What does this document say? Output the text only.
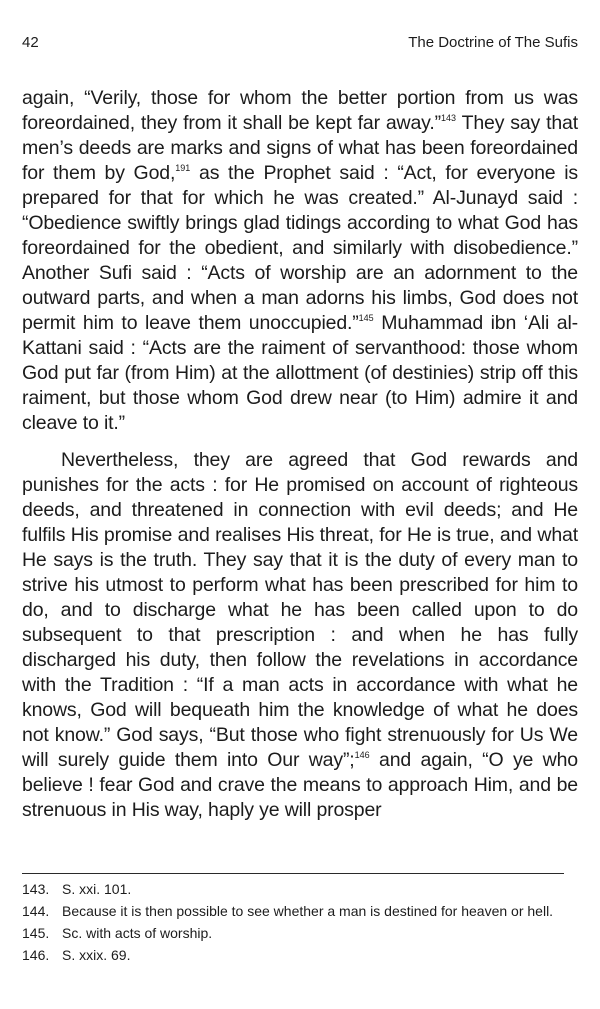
42	The Doctrine of The Sufis

again, “Verily, those for whom the better portion from us was foreordained, they from it shall be kept far away.”$^{143}$ They say that men’s deeds are marks and signs of what has been foreordained for them by God,$^{191}$ as the Prophet said : “Act, for everyone is prepared for that for which he was created.” Al-Junayd said : “Obedience swiftly brings glad tidings according to what God has foreordained for the obedient, and similarly with disobedience.” Another Sufi said : “Acts of worship are an adornment to the outward parts, and when a man adorns his limbs, God does not permit him to leave them unoccupied.”$^{145}$ Muhammad ibn ‘Ali al-Kattani said : “Acts are the raiment of servanthood: those whom God put far (from Him) at the allottment (of destinies) strip off this raiment, but those whom God drew near (to Him) admire it and cleave to it.”

Nevertheless, they are agreed that God rewards and punishes for the acts : for He promised on account of righteous deeds, and threatened in connection with evil deeds; and He fulfils His promise and realises His threat, for He is true, and what He says is the truth. They say that it is the duty of every man to strive his utmost to perform what has been prescribed for him to do, and to discharge what he has been called upon to do subsequent to that prescription : and when he has fully discharged his duty, then follow the revelations in accordance with the Tradition : “If a man acts in accordance with what he knows, God will bequeath him the knowledge of what he does not know.” God says, “But those who fight strenuously for Us We will surely guide them into Our way”;$^{146}$ and again, “O ye who believe ! fear God and crave the means to approach Him, and be strenuous in His way, haply ye will prosper

143. S. xxi. 101.
144. Because it is then possible to see whether a man is destined for heaven or hell.
145. Sc. with acts of worship.
146. S. xxix. 69.
